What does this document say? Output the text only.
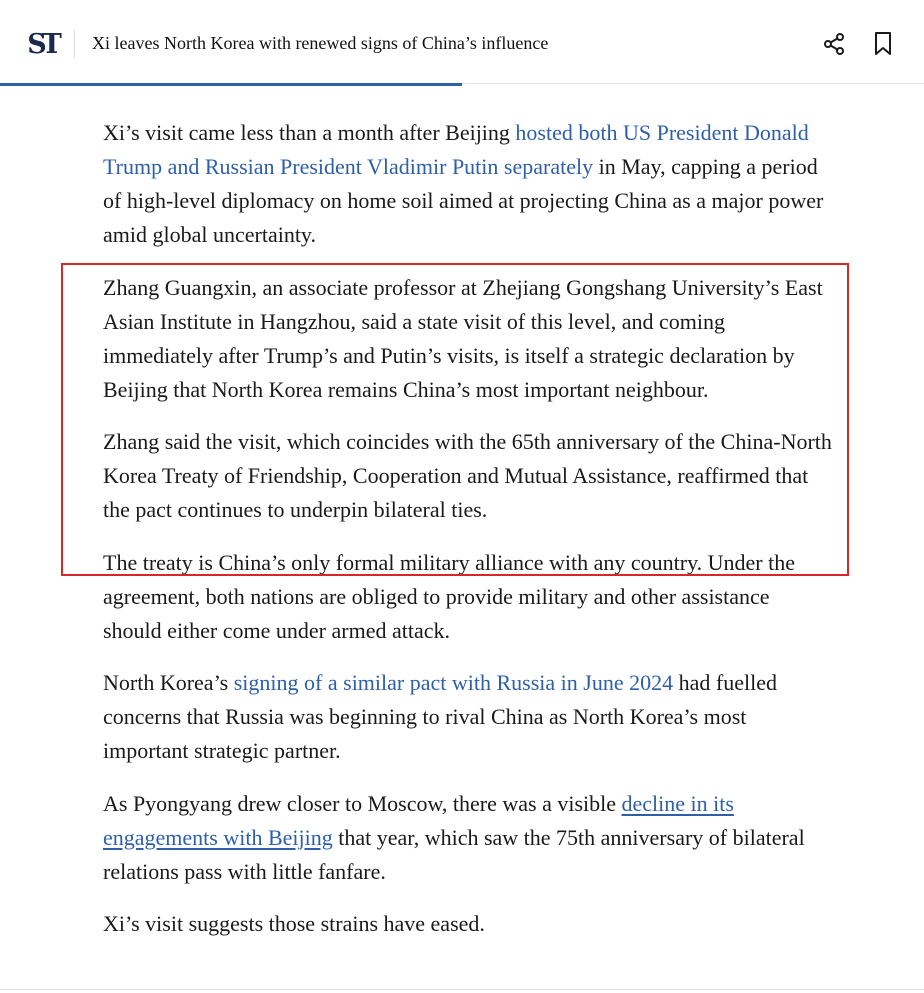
ST Xi leaves North Korea with renewed signs of China’s influence

Xi’s visit came less than a month after Beijing hosted both US President Donald Trump and Russian President Vladimir Putin separately in May, capping a period of high-level diplomacy on home soil aimed at projecting China as a major power amid global uncertainty.

Zhang Guangxin, an associate professor at Zhejiang Gongshang University’s East Asian Institute in Hangzhou, said a state visit of this level, and coming immediately after Trump’s and Putin’s visits, is itself a strategic declaration by Beijing that North Korea remains China’s most important neighbour.

Zhang said the visit, which coincides with the 65th anniversary of the China-North Korea Treaty of Friendship, Cooperation and Mutual Assistance, reaffirmed that the pact continues to underpin bilateral ties.

The treaty is China’s only formal military alliance with any country. Under the agreement, both nations are obliged to provide military and other assistance should either come under armed attack.

North Korea’s signing of a similar pact with Russia in June 2024 had fuelled concerns that Russia was beginning to rival China as North Korea’s most important strategic partner.

As Pyongyang drew closer to Moscow, there was a visible decline in its engagements with Beijing that year, which saw the 75th anniversary of bilateral relations pass with little fanfare.

Xi’s visit suggests those strains have eased.
